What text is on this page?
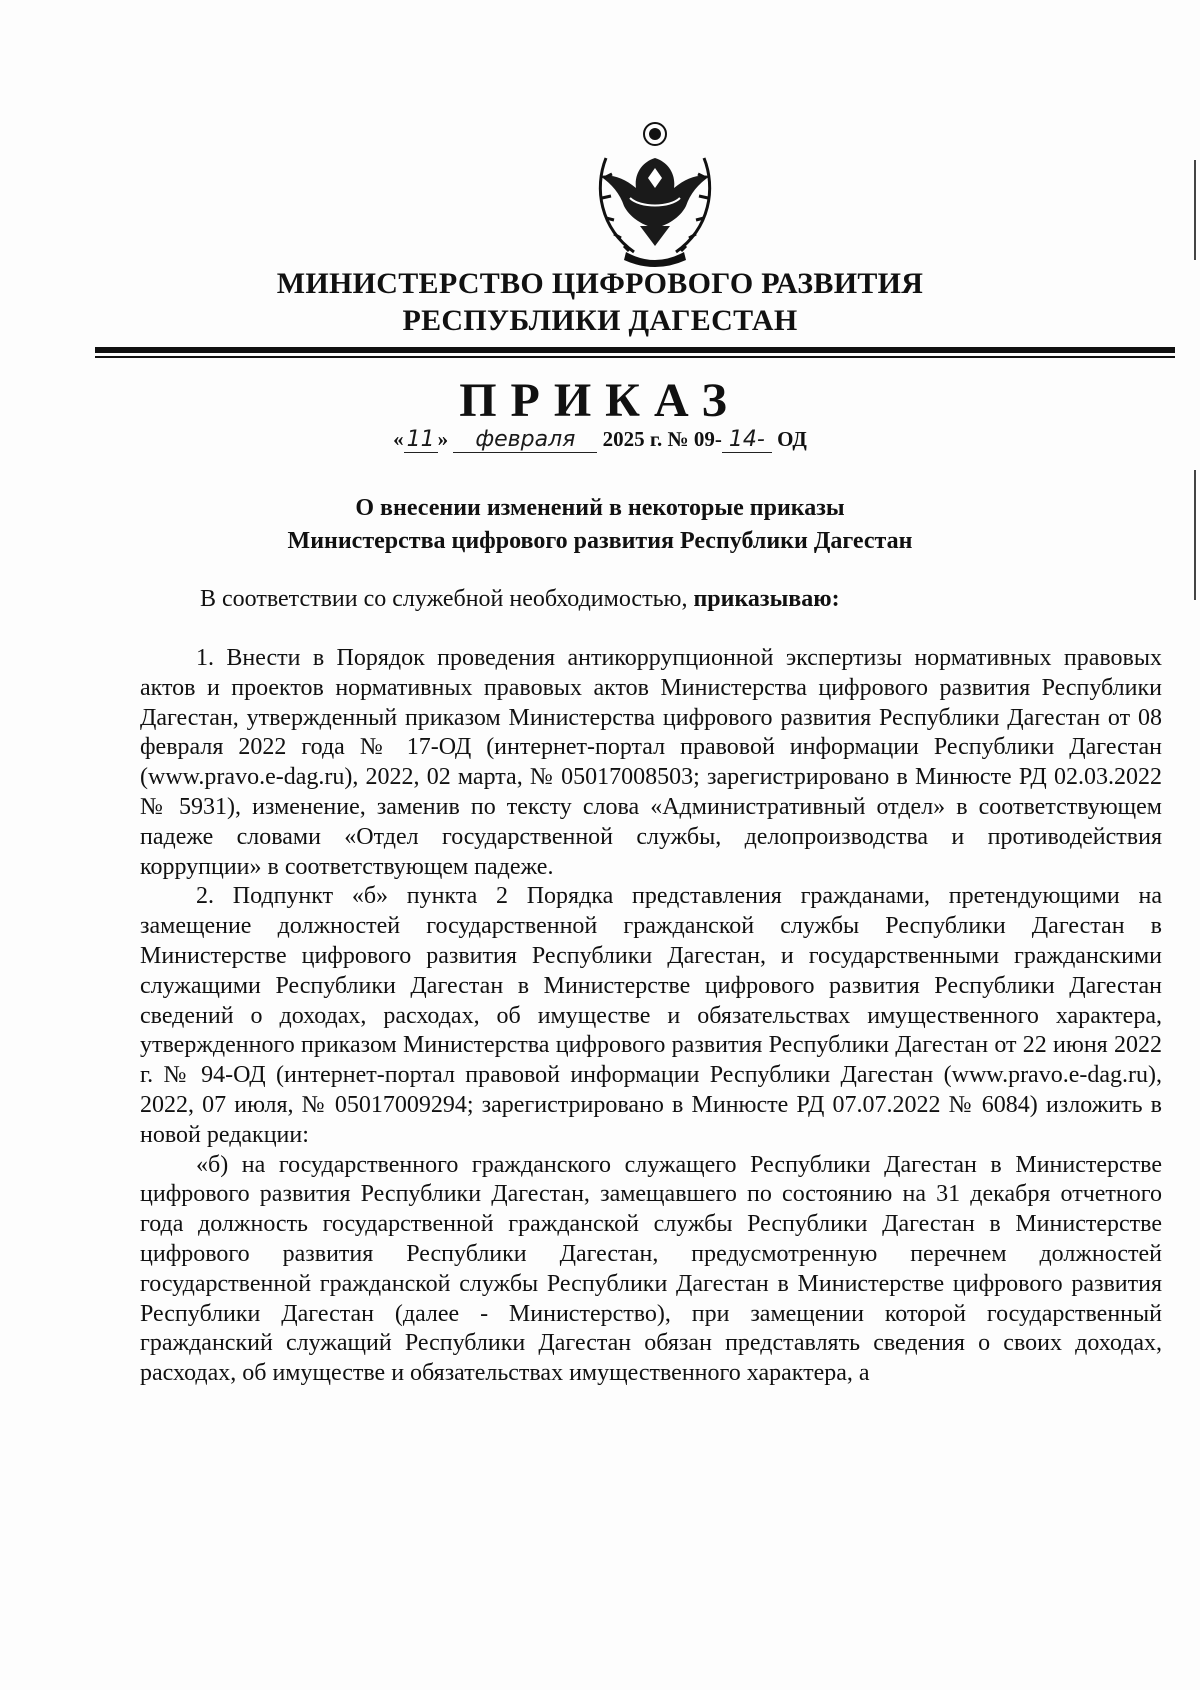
МИНИСТЕРСТВО ЦИФРОВОГО РАЗВИТИЯ
РЕСПУБЛИКИ ДАГЕСТАН
ПРИКАЗ
« 11 » февраля 2025 г. № 09- 14- ОД
О внесении изменений в некоторые приказы
Министерства цифрового развития Республики Дагестан
В соответствии со служебной необходимостью, приказываю:

1. Внести в Порядок проведения антикоррупционной экспертизы нормативных правовых актов и проектов нормативных правовых актов Министерства цифрового развития Республики Дагестан, утвержденный приказом Министерства цифрового развития Республики Дагестан от 08 февраля 2022 года № 17-ОД (интернет-портал правовой информации Республики Дагестан (www.pravo.e-dag.ru), 2022, 02 марта, № 05017008503; зарегистрировано в Минюсте РД 02.03.2022 № 5931), изменение, заменив по тексту слова «Административный отдел» в соответствующем падеже словами «Отдел государственной службы, делопроизводства и противодействия коррупции» в соответствующем падеже.

2. Подпункт «б» пункта 2 Порядка представления гражданами, претендующими на замещение должностей государственной гражданской службы Республики Дагестан в Министерстве цифрового развития Республики Дагестан, и государственными гражданскими служащими Республики Дагестан в Министерстве цифрового развития Республики Дагестан сведений о доходах, расходах, об имуществе и обязательствах имущественного характера, утвержденного приказом Министерства цифрового развития Республики Дагестан от 22 июня 2022 г. № 94-ОД (интернет-портал правовой информации Республики Дагестан (www.pravo.e-dag.ru), 2022, 07 июля, № 05017009294; зарегистрировано в Минюсте РД 07.07.2022 № 6084) изложить в новой редакции:

«б) на государственного гражданского служащего Республики Дагестан в Министерстве цифрового развития Республики Дагестан, замещавшего по состоянию на 31 декабря отчетного года должность государственной гражданской службы Республики Дагестан в Министерстве цифрового развития Республики Дагестан, предусмотренную перечнем должностей государственной гражданской службы Республики Дагестан в Министерстве цифрового развития Республики Дагестан (далее - Министерство), при замещении которой государственный гражданский служащий Республики Дагестан обязан представлять сведения о своих доходах, расходах, об имуществе и обязательствах имущественного характера, а
